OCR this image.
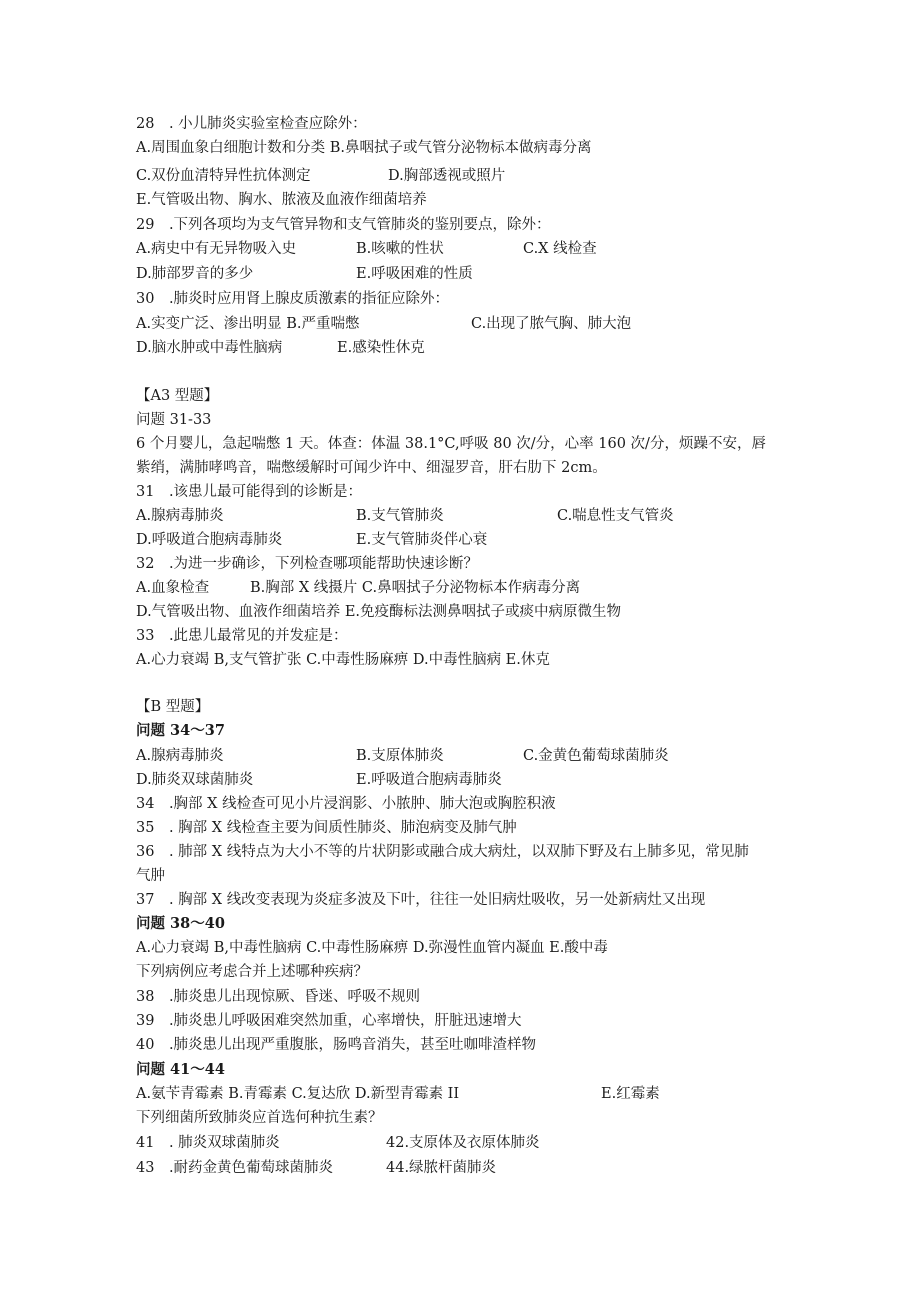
28　. 小儿肺炎实验室检查应除外：
A.周围血象白细胞计数和分类 B.鼻咽拭子或气管分泌物标本做病毒分离
C.双份血清特异性抗体测定	D.胸部透视或照片
E.气管吸出物、胸水、脓液及血液作细菌培养
29　.下列各项均为支气管异物和支气管肺炎的鉴别要点，除外：
A.病史中有无异物吸入史	B.咳嗽的性状	C.X 线检查
D.肺部罗音的多少	E.呼吸困难的性质
30　.肺炎时应用肾上腺皮质激素的指征应除外：
A.实变广泛、渗出明显 B.严重喘憋	C.出现了脓气胸、肺大泡
D.脑水肿或中毒性脑病	E.感染性休克
【A3 型题】
问题 31-33
6 个月婴儿，急起喘憋 1 天。体查：体温 38.1°C,呼吸 80 次/分，心率 160 次/分，烦躁不安，唇
紫绡，满肺哮鸣音，喘憋缓解时可闻少许中、细湿罗音，肝右肋下 2cm。
31　.该患儿最可能得到的诊断是：
A.腺病毒肺炎	B.支气管肺炎	C.喘息性支气管炎
D.呼吸道合胞病毒肺炎	E.支气管肺炎伴心衰
32　.为进一步确诊，下列检查哪项能帮助快速诊断？
A.血象检查	B.胸部 X 线摄片 C.鼻咽拭子分泌物标本作病毒分离
D.气管吸出物、血液作细菌培养 E.免疫酶标法测鼻咽拭子或痰中病原微生物
33　.此患儿最常见的并发症是：
A.心力衰竭 B,支气管扩张 C.中毒性肠麻痹 D.中毒性脑病 E.休克
【B 型题】
问题 34～37
A.腺病毒肺炎	B.支原体肺炎	C.金黄色葡萄球菌肺炎
D.肺炎双球菌肺炎	E.呼吸道合胞病毒肺炎
34　.胸部 X 线检查可见小片浸润影、小脓肿、肺大泡或胸腔积液
35　. 胸部 X 线检查主要为间质性肺炎、肺泡病变及肺气肿
36　. 肺部 X 线特点为大小不等的片状阴影或融合成大病灶，以双肺下野及右上肺多见，常见肺
气肿
37　. 胸部 X 线改变表现为炎症多波及下叶，往往一处旧病灶吸收，另一处新病灶又出现
问题 38～40
A.心力衰竭 B,中毒性脑病 C.中毒性肠麻痹 D.弥漫性血管内凝血 E.酸中毒
下列病例应考虑合并上述哪种疾病？
38　.肺炎患儿出现惊厥、昏迷、呼吸不规则
39　.肺炎患儿呼吸困难突然加重，心率增快，肝脏迅速增大
40　.肺炎患儿出现严重腹胀，肠鸣音消失，甚至吐咖啡渣样物
问题 41～44
A.氨苄青霉素 B.青霉素 C.复达欣 D.新型青霉素 II	E.红霉素
下列细菌所致肺炎应首选何种抗生素？
41　. 肺炎双球菌肺炎	42.支原体及衣原体肺炎
43　.耐药金黄色葡萄球菌肺炎	44.绿脓杆菌肺炎
